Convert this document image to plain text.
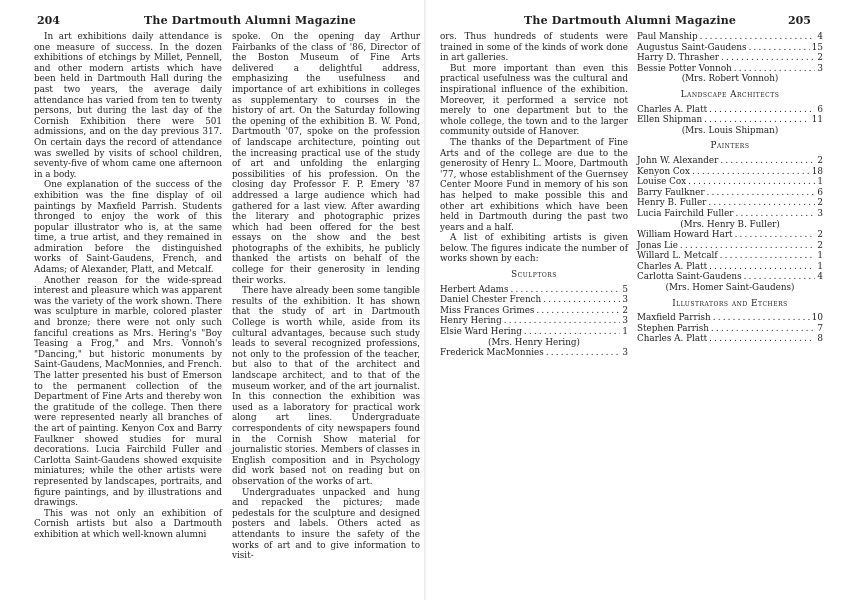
204	The Dartmouth Alumni Magazine

In art exhibitions daily attendance is one measure of success. In the dozen exhibitions of etchings by Millet, Pennell, and other modern artists which have been held in Dartmouth Hall during the past two years, the average daily attendance has varied from ten to twenty persons, but during the last day of the Cornish Exhibition there were 501 admissions, and on the day previous 317. On certain days the record of attendance was swelled by visits of school children, seventy-five of whom came one afternoon in a body.

One explanation of the success of the exhibition was the fine display of oil paintings by Maxfield Parrish. Students thronged to enjoy the work of this popular illustrator who is, at the same time, a true artist, and they remained in admiration before the distinguished works of Saint-Gaudens, French, and Adams; of Alexander, Platt, and Metcalf.

Another reason for the wide-spread interest and pleasure which was apparent was the variety of the work shown. There was sculpture in marble, colored plaster and bronze; there were not only such fanciful creations as Mrs. Hering's "Boy Teasing a Frog," and Mrs. Vonnoh's "Dancing," but historic monuments by Saint-Gaudens, MacMonnies, and French. The latter presented his bust of Emerson to the permanent collection of the Department of Fine Arts and thereby won the gratitude of the college. Then there were represented nearly all branches of the art of painting. Kenyon Cox and Barry Faulkner showed studies for mural decorations. Lucia Fairchild Fuller and Carlotta Saint-Gaudens showed exquisite miniatures; while the other artists were represented by landscapes, portraits, and figure paintings, and by illustrations and drawings.

This was not only an exhibition of Cornish artists but also a Dartmouth exhibition at which well-known alumni

spoke. On the opening day Arthur Fairbanks of the class of '86, Director of the Boston Museum of Fine Arts delivered a delightful address, emphasizing the usefulness and importance of art exhibitions in colleges as supplementary to courses in the history of art. On the Saturday following the opening of the exhibition B. W. Pond, Dartmouth '07, spoke on the profession of landscape architecture, pointing out the increasing practical use of the study of art and unfolding the enlarging possibilities of his profession. On the closing day Professor F. P. Emery '87 addressed a large audience which had gathered for a last view. After awarding the literary and photographic prizes which had been offered for the best essays on the show and the best photographs of the exhibits, he publicly thanked the artists on behalf of the college for their generosity in lending their works.

There have already been some tangible results of the exhibition. It has shown that the study of art in Dartmouth College is worth while, aside from its cultural advantages, because such study leads to several recognized professions, not only to the profession of the teacher, but also to that of the architect and landscape architect, and to that of the museum worker, and of the art journalist. In this connection the exhibition was used as a laboratory for practical work along art lines. Undergraduate correspondents of city newspapers found in the Cornish Show material for journalistic stories. Members of classes in English composition and in Psychology did work based not on reading but on observation of the works of art.

Undergraduates unpacked and hung and repacked the pictures; made pedestals for the sculpture and designed posters and labels. Others acted as attendants to insure the safety of the works of art and to give information to visit-

The Dartmouth Alumni Magazine	205

ors. Thus hundreds of students were trained in some of the kinds of work done in art galleries.

But more important than even this practical usefulness was the cultural and inspirational influence of the exhibition. Moreover, it performed a service not merely to one department but to the whole college, the town and to the larger community outside of Hanover.

The thanks of the Department of Fine Arts and of the college are due to the generosity of Henry L. Moore, Dartmouth '77, whose establishment of the Guernsey Center Moore Fund in memory of his son has helped to make possible this and other art exhibitions which have been held in Dartmouth during the past two years and a half.

A list of exhibiting artists is given below. The figures indicate the number of works shown by each:

Sculptors
Herbert Adams . . .	5
Daniel Chester French . . .	3
Miss Frances Grimes . . .	2
Henry Hering . . .	3
Elsie Ward Hering . . .	1
(Mrs. Henry Hering)
Frederick MacMonnies . . .	3
Paul Manship . . .	4
Augustus Saint-Gaudens . . .	15
Harry D. Thrasher . . .	2
Bessie Potter Vonnoh . . .	3
(Mrs. Robert Vonnoh)
Landscape Architects
Charles A. Platt . . .	6
Ellen Shipman . . .	11
(Mrs. Louis Shipman)
Painters
John W. Alexander . . .	2
Kenyon Cox . . .	18
Louise Cox . . .	1
Barry Faulkner . . .	6
Henry B. Fuller . . .	2
Lucia Fairchild Fuller . . .	3
(Mrs. Henry B. Fuller)
William Howard Hart . . .	2
Jonas Lie . . .	2
Willard L. Metcalf . . .	1
Charles A. Platt . . .	1
Carlotta Saint-Gaudens . . .	4
(Mrs. Homer Saint-Gaudens)
Illustrators and Etchers
Maxfield Parrish . . .	10
Stephen Parrish . . .	7
Charles A. Platt . . .	8
